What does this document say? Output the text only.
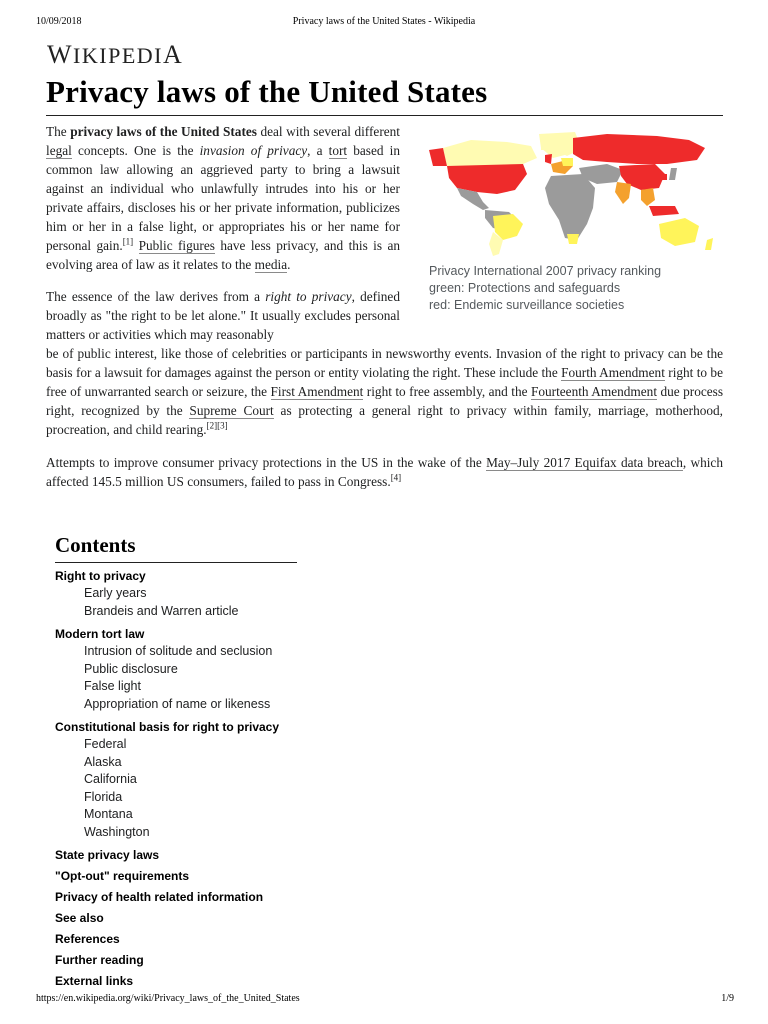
10/09/2018	Privacy laws of the United States - Wikipedia
WIKIPEDIA
Privacy laws of the United States

The privacy laws of the United States deal with several different legal concepts. One is the invasion of privacy, a tort based in common law allowing an aggrieved party to bring a lawsuit against an individual who unlawfully intrudes into his or her private affairs, discloses his or her private information, publicizes him or her in a false light, or appropriates his or her name for personal gain.[1] Public figures have less privacy, and this is an evolving area of law as it relates to the media.	Privacy International 2007 privacy ranking
green: Protections and safeguards
red: Endemic surveillance societies

The essence of the law derives from a right to privacy, defined broadly as "the right to be let alone." It usually excludes personal matters or activities which may reasonably

be of public interest, like those of celebrities or participants in newsworthy events. Invasion of the right to privacy can be the basis for a lawsuit for damages against the person or entity violating the right. These include the Fourth Amendment right to be free of unwarranted search or seizure, the First Amendment right to free assembly, and the Fourteenth Amendment due process right, recognized by the Supreme Court as protecting a general right to privacy within family, marriage, motherhood, procreation, and child rearing.[2][3]

Attempts to improve consumer privacy protections in the US in the wake of the May–July 2017 Equifax data breach, which affected 145.5 million US consumers, failed to pass in Congress.[4]

Contents
Right to privacy
Early years
Brandeis and Warren article
Modern tort law
Intrusion of solitude and seclusion
Public disclosure
False light
Appropriation of name or likeness
Constitutional basis for right to privacy
Federal
Alaska
California
Florida
Montana
Washington
State privacy laws
"Opt-out" requirements
Privacy of health related information
See also
References
Further reading
External links
https://en.wikipedia.org/wiki/Privacy_laws_of_the_United_States	1/9
